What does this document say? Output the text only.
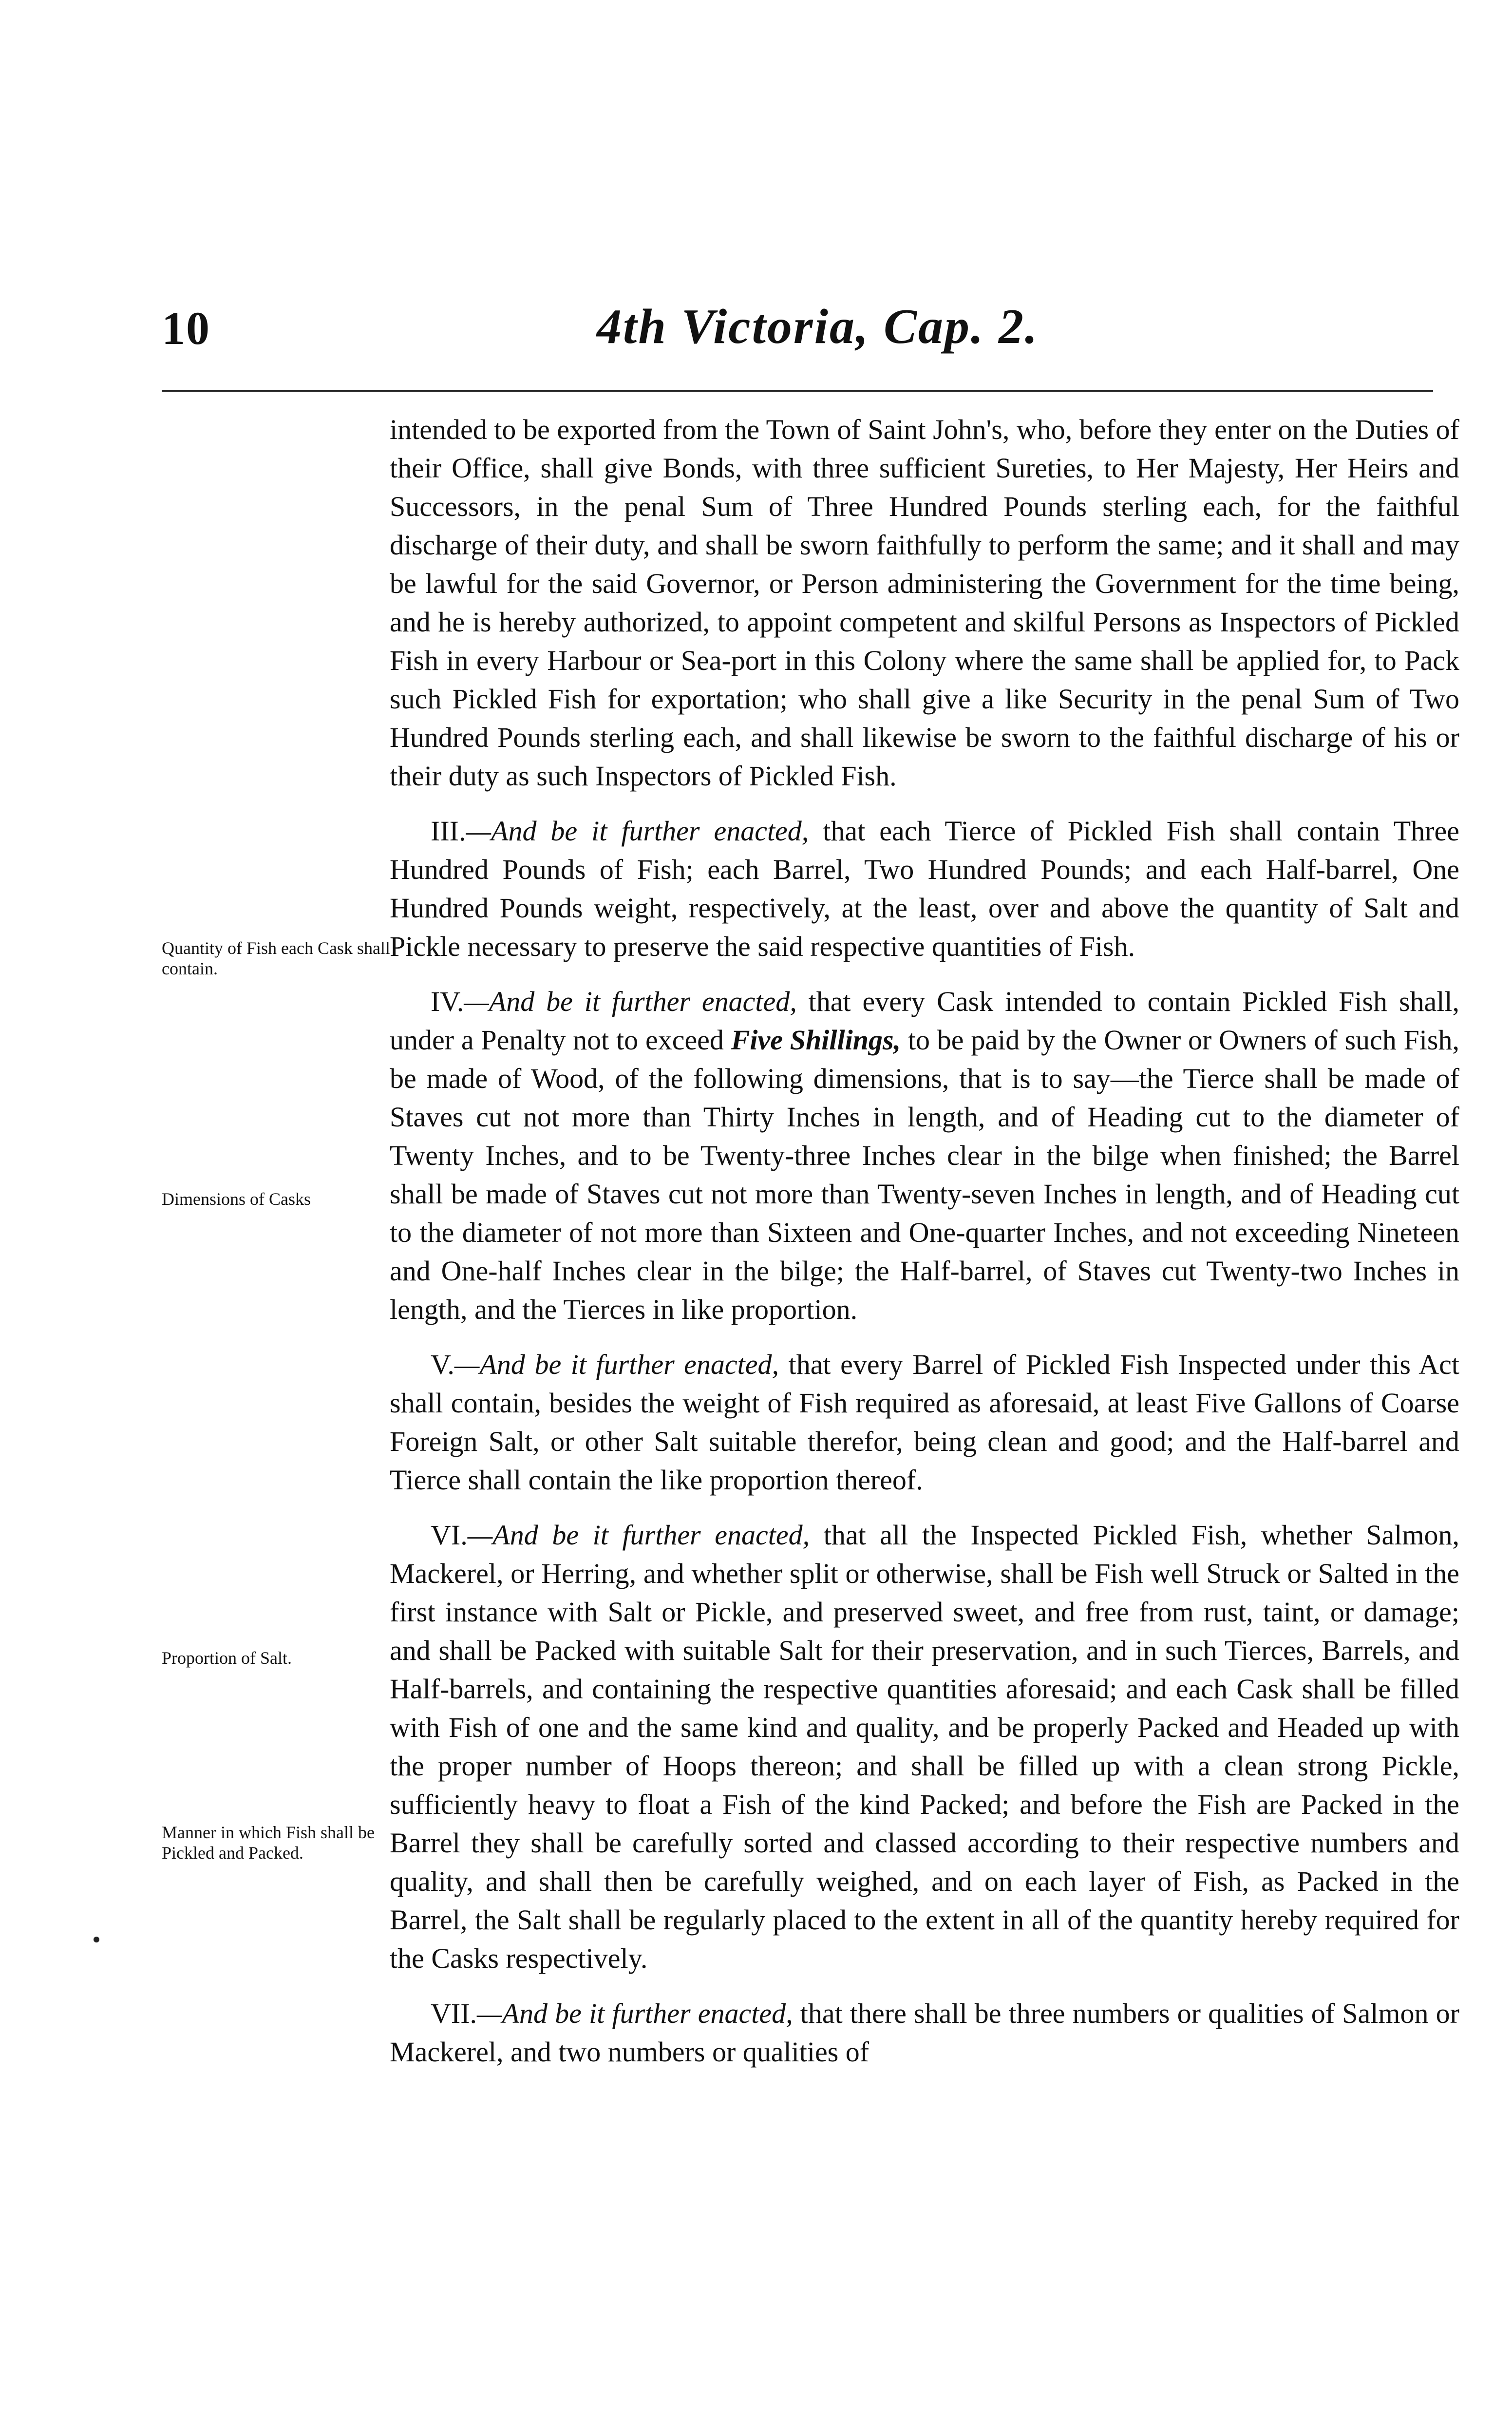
10	4th Victoria, Cap. 2.
Quantity of Fish each Cask shall contain.
Dimensions of Casks
Proportion of Salt.
Manner in which Fish shall be Pickled and Packed.

intended to be exported from the Town of Saint John's, who, before they enter on the Duties of their Office, shall give Bonds, with three sufficient Sureties, to Her Majesty, Her Heirs and Successors, in the penal Sum of Three Hundred Pounds sterling each, for the faithful discharge of their duty, and shall be sworn faithfully to perform the same; and it shall and may be lawful for the said Governor, or Person administering the Government for the time being, and he is hereby authorized, to appoint competent and skilful Persons as Inspectors of Pickled Fish in every Harbour or Sea-port in this Colony where the same shall be applied for, to Pack such Pickled Fish for exportation; who shall give a like Security in the penal Sum of Two Hundred Pounds sterling each, and shall likewise be sworn to the faithful discharge of his or their duty as such Inspectors of Pickled Fish.

III.—And be it further enacted, that each Tierce of Pickled Fish shall contain Three Hundred Pounds of Fish; each Barrel, Two Hundred Pounds; and each Half-barrel, One Hundred Pounds weight, respectively, at the least, over and above the quantity of Salt and Pickle necessary to preserve the said respective quantities of Fish.

IV.—And be it further enacted, that every Cask intended to contain Pickled Fish shall, under a Penalty not to exceed Five Shillings, to be paid by the Owner or Owners of such Fish, be made of Wood, of the following dimensions, that is to say—the Tierce shall be made of Staves cut not more than Thirty Inches in length, and of Heading cut to the diameter of Twenty Inches, and to be Twenty-three Inches clear in the bilge when finished; the Barrel shall be made of Staves cut not more than Twenty-seven Inches in length, and of Heading cut to the diameter of not more than Sixteen and One-quarter Inches, and not exceeding Nineteen and One-half Inches clear in the bilge; the Half-barrel, of Staves cut Twenty-two Inches in length, and the Tierces in like proportion.

V.—And be it further enacted, that every Barrel of Pickled Fish Inspected under this Act shall contain, besides the weight of Fish required as aforesaid, at least Five Gallons of Coarse Foreign Salt, or other Salt suitable therefor, being clean and good; and the Half-barrel and Tierce shall contain the like proportion thereof.

VI.—And be it further enacted, that all the Inspected Pickled Fish, whether Salmon, Mackerel, or Herring, and whether split or otherwise, shall be Fish well Struck or Salted in the first instance with Salt or Pickle, and preserved sweet, and free from rust, taint, or damage; and shall be Packed with suitable Salt for their preservation, and in such Tierces, Barrels, and Half-barrels, and containing the respective quantities aforesaid; and each Cask shall be filled with Fish of one and the same kind and quality, and be properly Packed and Headed up with the proper number of Hoops thereon; and shall be filled up with a clean strong Pickle, sufficiently heavy to float a Fish of the kind Packed; and before the Fish are Packed in the Barrel they shall be carefully sorted and classed according to their respective numbers and quality, and shall then be carefully weighed, and on each layer of Fish, as Packed in the Barrel, the Salt shall be regularly placed to the extent in all of the quantity hereby required for the Casks respectively.

VII.—And be it further enacted, that there shall be three numbers or qualities of Salmon or Mackerel, and two numbers or qualities of
